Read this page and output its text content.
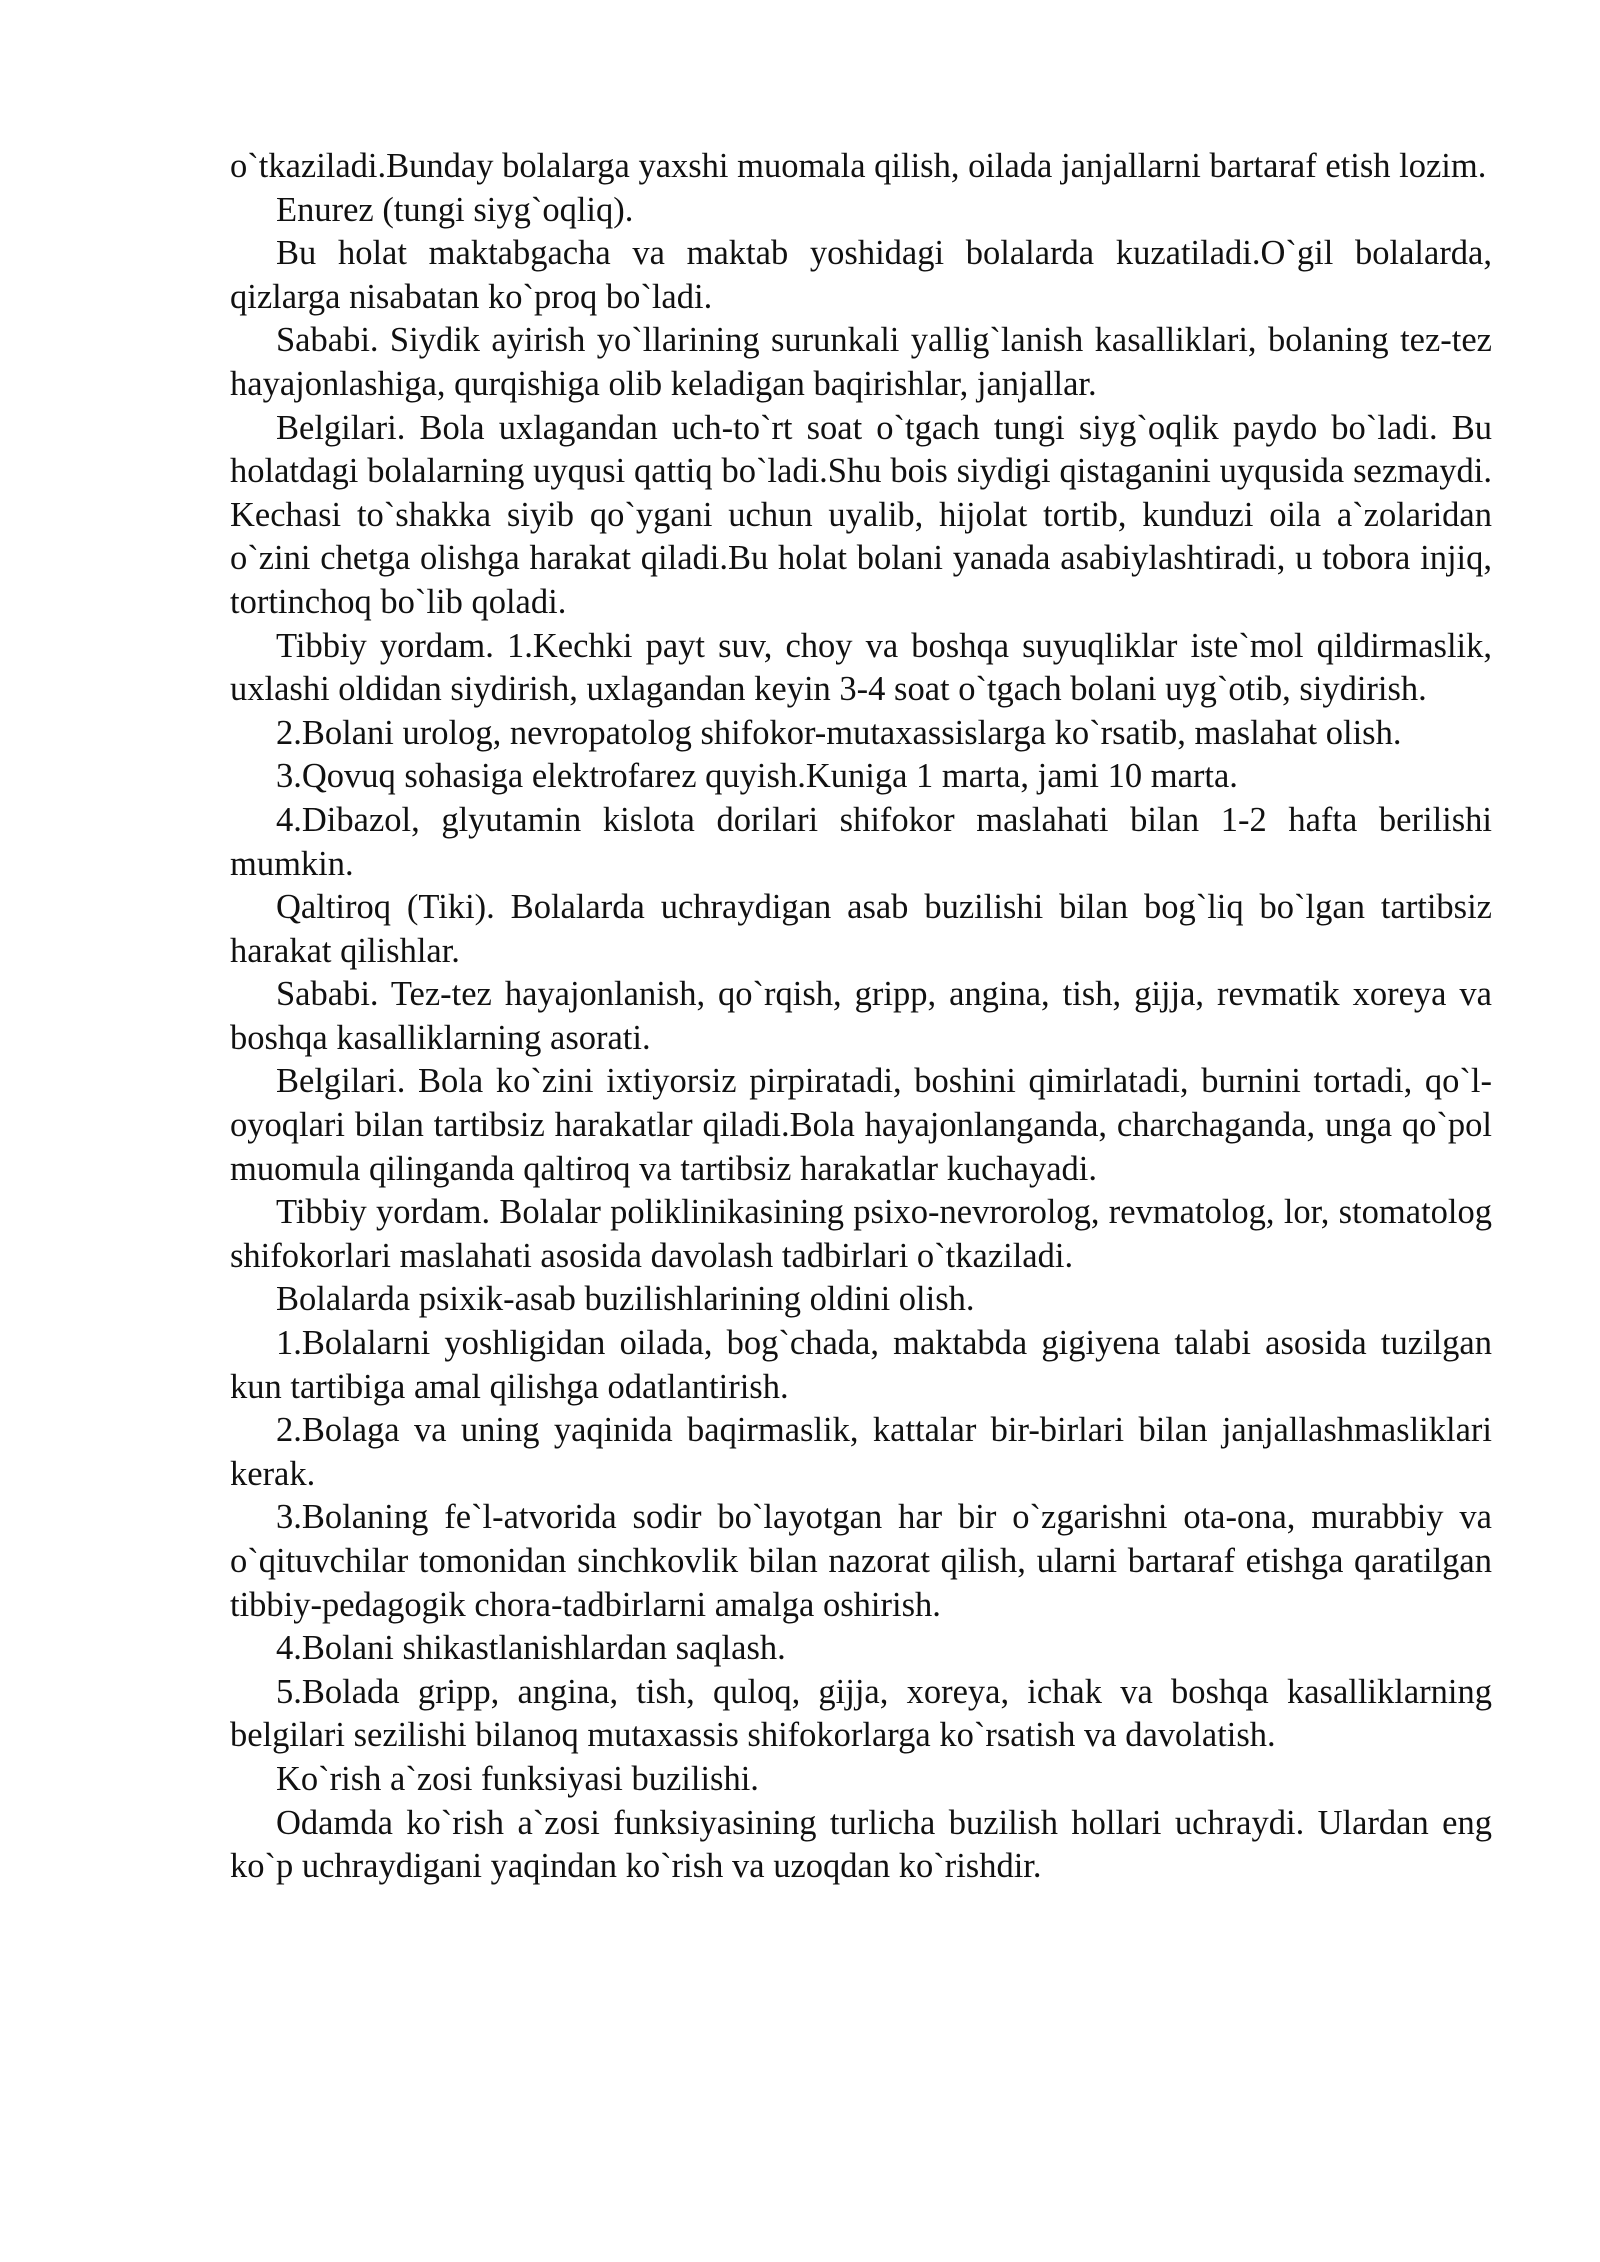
o`tkaziladi.Bunday bolalarga yaxshi muomala qilish, oilada janjallarni bartaraf etish lozim.

Enurez (tungi siyg`oqliq).

Bu holat maktabgacha va maktab yoshidagi bolalarda kuzatiladi.O`gil bolalarda, qizlarga nisabatan ko`proq bo`ladi.

Sababi. Siydik ayirish yo`llarining surunkali yallig`lanish kasalliklari, bolaning tez-tez hayajonlashiga, qurqishiga olib keladigan baqirishlar, janjallar.

Belgilari. Bola uxlagandan uch-to`rt soat o`tgach tungi siyg`oqlik paydo bo`ladi. Bu holatdagi bolalarning uyqusi qattiq bo`ladi.Shu bois siydigi qistaganini uyqusida sezmaydi. Kechasi to`shakka siyib qo`ygani uchun uyalib, hijolat tortib, kunduzi oila a`zolaridan o`zini chetga olishga harakat qiladi.Bu holat bolani yanada asabiylashtiradi, u tobora injiq, tortinchoq bo`lib qoladi.

Tibbiy yordam. 1.Kechki payt suv, choy va boshqa suyuqliklar iste`mol qildirmaslik, uxlashi oldidan siydirish, uxlagandan keyin 3-4 soat o`tgach bolani uyg`otib, siydirish.

2.Bolani urolog, nevropatolog shifokor-mutaxassislarga ko`rsatib, maslahat olish.

3.Qovuq sohasiga elektrofarez quyish.Kuniga 1 marta, jami 10 marta.

4.Dibazol, glyutamin kislota dorilari shifokor maslahati bilan 1-2 hafta berilishi mumkin.

Qaltiroq (Tiki). Bolalarda uchraydigan asab buzilishi bilan bog`liq bo`lgan tartibsiz harakat qilishlar.

Sababi. Tez-tez hayajonlanish, qo`rqish, gripp, angina, tish, gijja, revmatik xoreya va boshqa kasalliklarning asorati.

Belgilari. Bola ko`zini ixtiyorsiz pirpiratadi, boshini qimirlatadi, burnini tortadi, qo`l-oyoqlari bilan tartibsiz harakatlar qiladi.Bola hayajonlanganda, charchaganda, unga qo`pol muomula qilinganda qaltiroq va tartibsiz harakatlar kuchayadi.

Tibbiy yordam. Bolalar poliklinikasining psixo-nevrorolog, revmatolog, lor, stomatolog shifokorlari maslahati asosida davolash tadbirlari o`tkaziladi.

Bolalarda psixik-asab buzilishlarining oldini olish.

1.Bolalarni yoshligidan oilada, bog`chada, maktabda gigiyena talabi asosida tuzilgan kun tartibiga amal qilishga odatlantirish.

2.Bolaga va uning yaqinida baqirmaslik, kattalar bir-birlari bilan janjallashmasliklari kerak.

3.Bolaning fe`l-atvorida sodir bo`layotgan har bir o`zgarishni ota-ona, murabbiy va o`qituvchilar tomonidan sinchkovlik bilan nazorat qilish, ularni bartaraf etishga qaratilgan tibbiy-pedagogik chora-tadbirlarni amalga oshirish.

4.Bolani shikastlanishlardan saqlash.

5.Bolada gripp, angina, tish, quloq, gijja, xoreya, ichak va boshqa kasalliklarning belgilari sezilishi bilanoq mutaxassis shifokorlarga ko`rsatish va davolatish.

Ko`rish a`zosi funksiyasi buzilishi.

Odamda ko`rish a`zosi funksiyasining turlicha buzilish hollari uchraydi. Ulardan eng ko`p uchraydigani yaqindan ko`rish va uzoqdan ko`rishdir.
